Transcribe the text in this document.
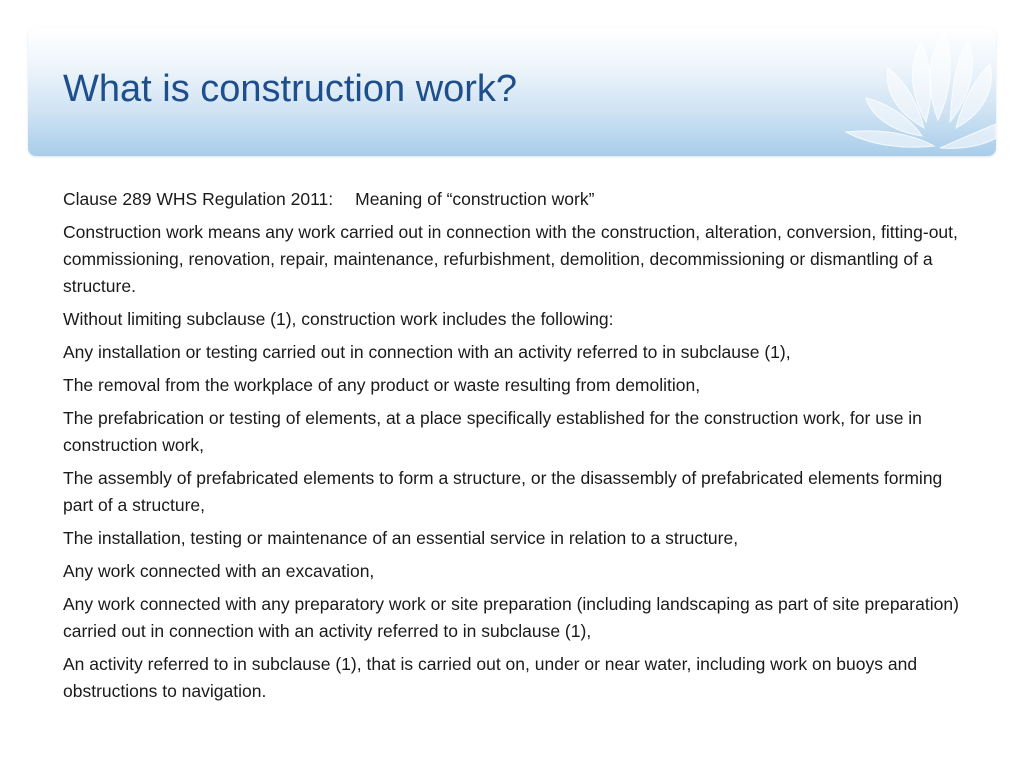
What is construction work?

Clause 289 WHS Regulation 2011: Meaning of “construction work”

Construction work means any work carried out in connection with the construction, alteration, conversion, fitting-out, commissioning, renovation, repair, maintenance, refurbishment, demolition, decommissioning or dismantling of a structure.

Without limiting subclause (1), construction work includes the following:

Any installation or testing carried out in connection with an activity referred to in subclause (1),

The removal from the workplace of any product or waste resulting from demolition,

The prefabrication or testing of elements, at a place specifically established for the construction work, for use in construction work,

The assembly of prefabricated elements to form a structure, or the disassembly of prefabricated elements forming part of a structure,

The installation, testing or maintenance of an essential service in relation to a structure,

Any work connected with an excavation,

Any work connected with any preparatory work or site preparation (including landscaping as part of site preparation) carried out in connection with an activity referred to in subclause (1),

An activity referred to in subclause (1), that is carried out on, under or near water, including work on buoys and obstructions to navigation.
